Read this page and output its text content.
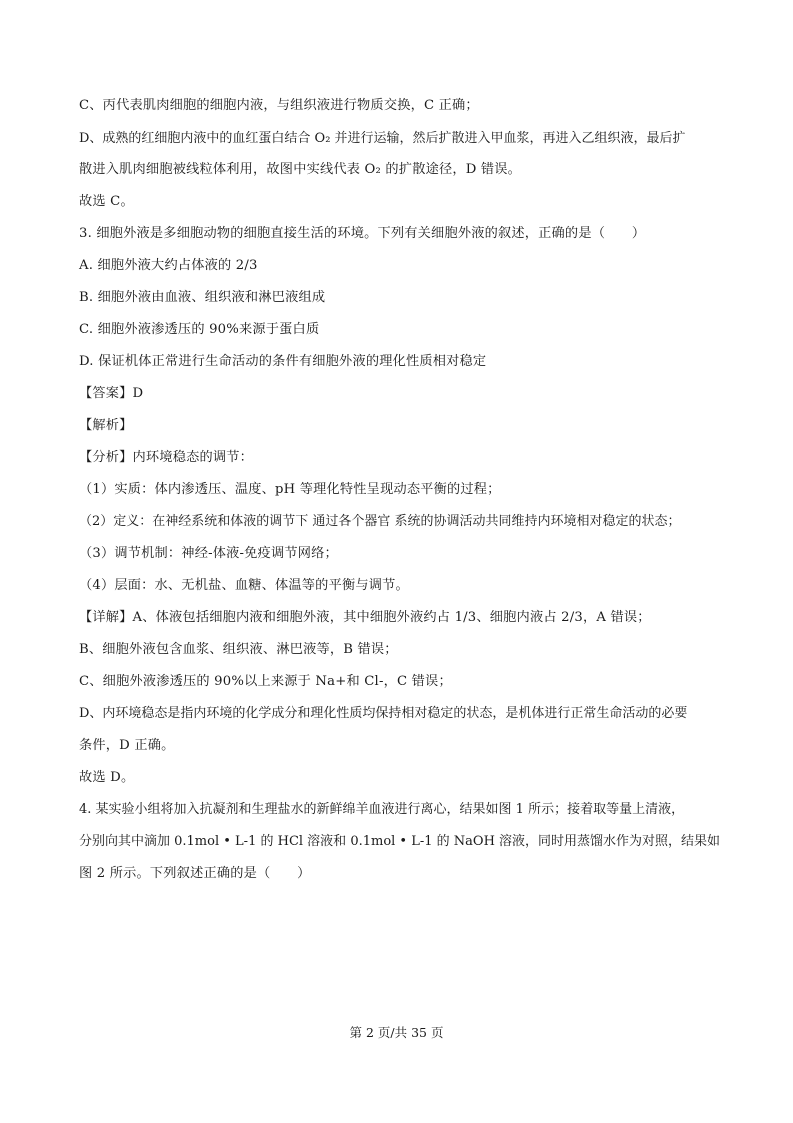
C、丙代表肌肉细胞的细胞内液，与组织液进行物质交换，C 正确；
D、成熟的红细胞内液中的血红蛋白结合 O₂ 并进行运输，然后扩散进入甲血浆，再进入乙组织液，最后扩
散进入肌肉细胞被线粒体利用，故图中实线代表 O₂ 的扩散途径，D 错误。
故选 C。
3. 细胞外液是多细胞动物的细胞直接生活的环境。下列有关细胞外液的叙述，正确的是（　　）
A. 细胞外液大约占体液的 2/3
B. 细胞外液由血液、组织液和淋巴液组成
C. 细胞外液渗透压的 90%来源于蛋白质
D. 保证机体正常进行生命活动的条件有细胞外液的理化性质相对稳定
【答案】D
【解析】
【分析】内环境稳态的调节：
（1）实质：体内渗透压、温度、pH 等理化特性呈现动态平衡的过程；
（2）定义：在神经系统和体液的调节下 通过各个器官 系统的协调活动共同维持内环境相对稳定的状态；
（3）调节机制：神经-体液-免疫调节网络；
（4）层面：水、无机盐、血糖、体温等的平衡与调节。
【详解】A、体液包括细胞内液和细胞外液，其中细胞外液约占 1/3、细胞内液占 2/3，A 错误；
B、细胞外液包含血浆、组织液、淋巴液等，B 错误；
C、细胞外液渗透压的 90%以上来源于 Na+和 Cl-，C 错误；
D、内环境稳态是指内环境的化学成分和理化性质均保持相对稳定的状态，是机体进行正常生命活动的必要
条件，D 正确。
故选 D。
4. 某实验小组将加入抗凝剂和生理盐水的新鲜绵羊血液进行离心，结果如图 1 所示；接着取等量上清液，
分别向其中滴加 0.1mol • L-1 的 HCl 溶液和 0.1mol • L-1 的 NaOH 溶液，同时用蒸馏水作为对照，结果如
图 2 所示。下列叙述正确的是（　　）
第 2 页/共 35 页
